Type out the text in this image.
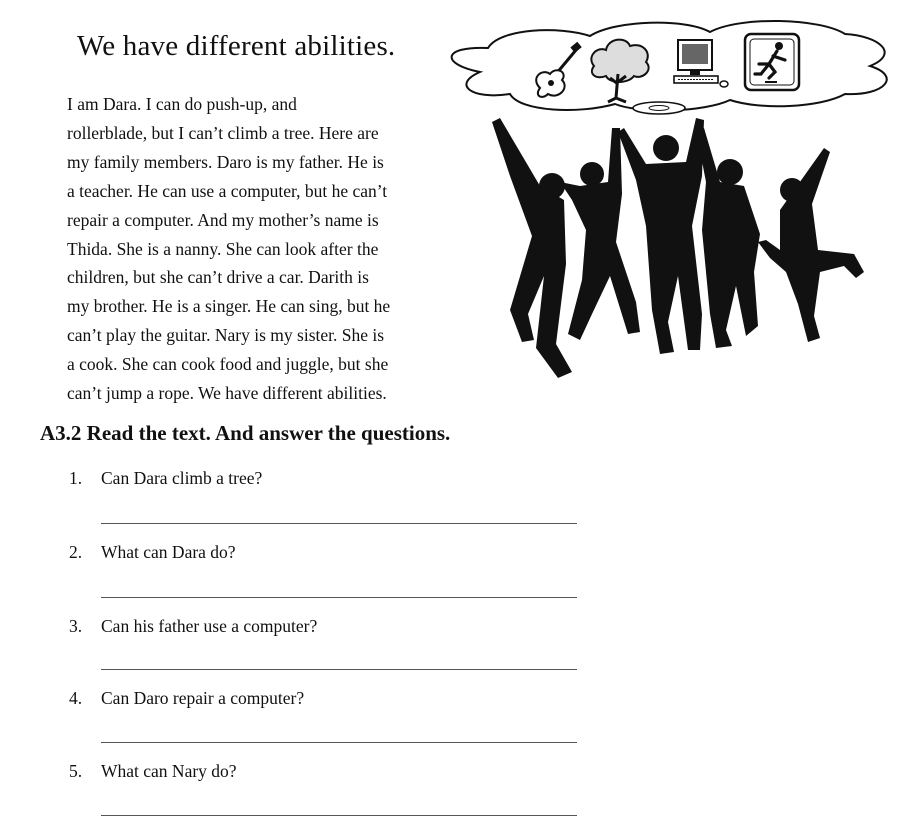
We have different abilities.
I am Dara. I can do push-up, and
rollerblade, but I can’t climb a tree. Here are
my family members. Daro is my father. He is
a teacher. He can use a computer, but he can’t
repair a computer. And my mother’s name is
Thida. She is a nanny. She can look after the
children, but she can’t drive a car. Darith is
my brother. He is a singer. He can sing, but he
can’t play the guitar. Nary is my sister. She is
a cook. She can cook food and juggle, but she
can’t jump a rope. We have different abilities.
A3.2 Read the text. And answer the questions.
1. Can Dara climb a tree?
2. What can Dara do?
3. Can his father use a computer?
4. Can Daro repair a computer?
5. What can Nary do?
